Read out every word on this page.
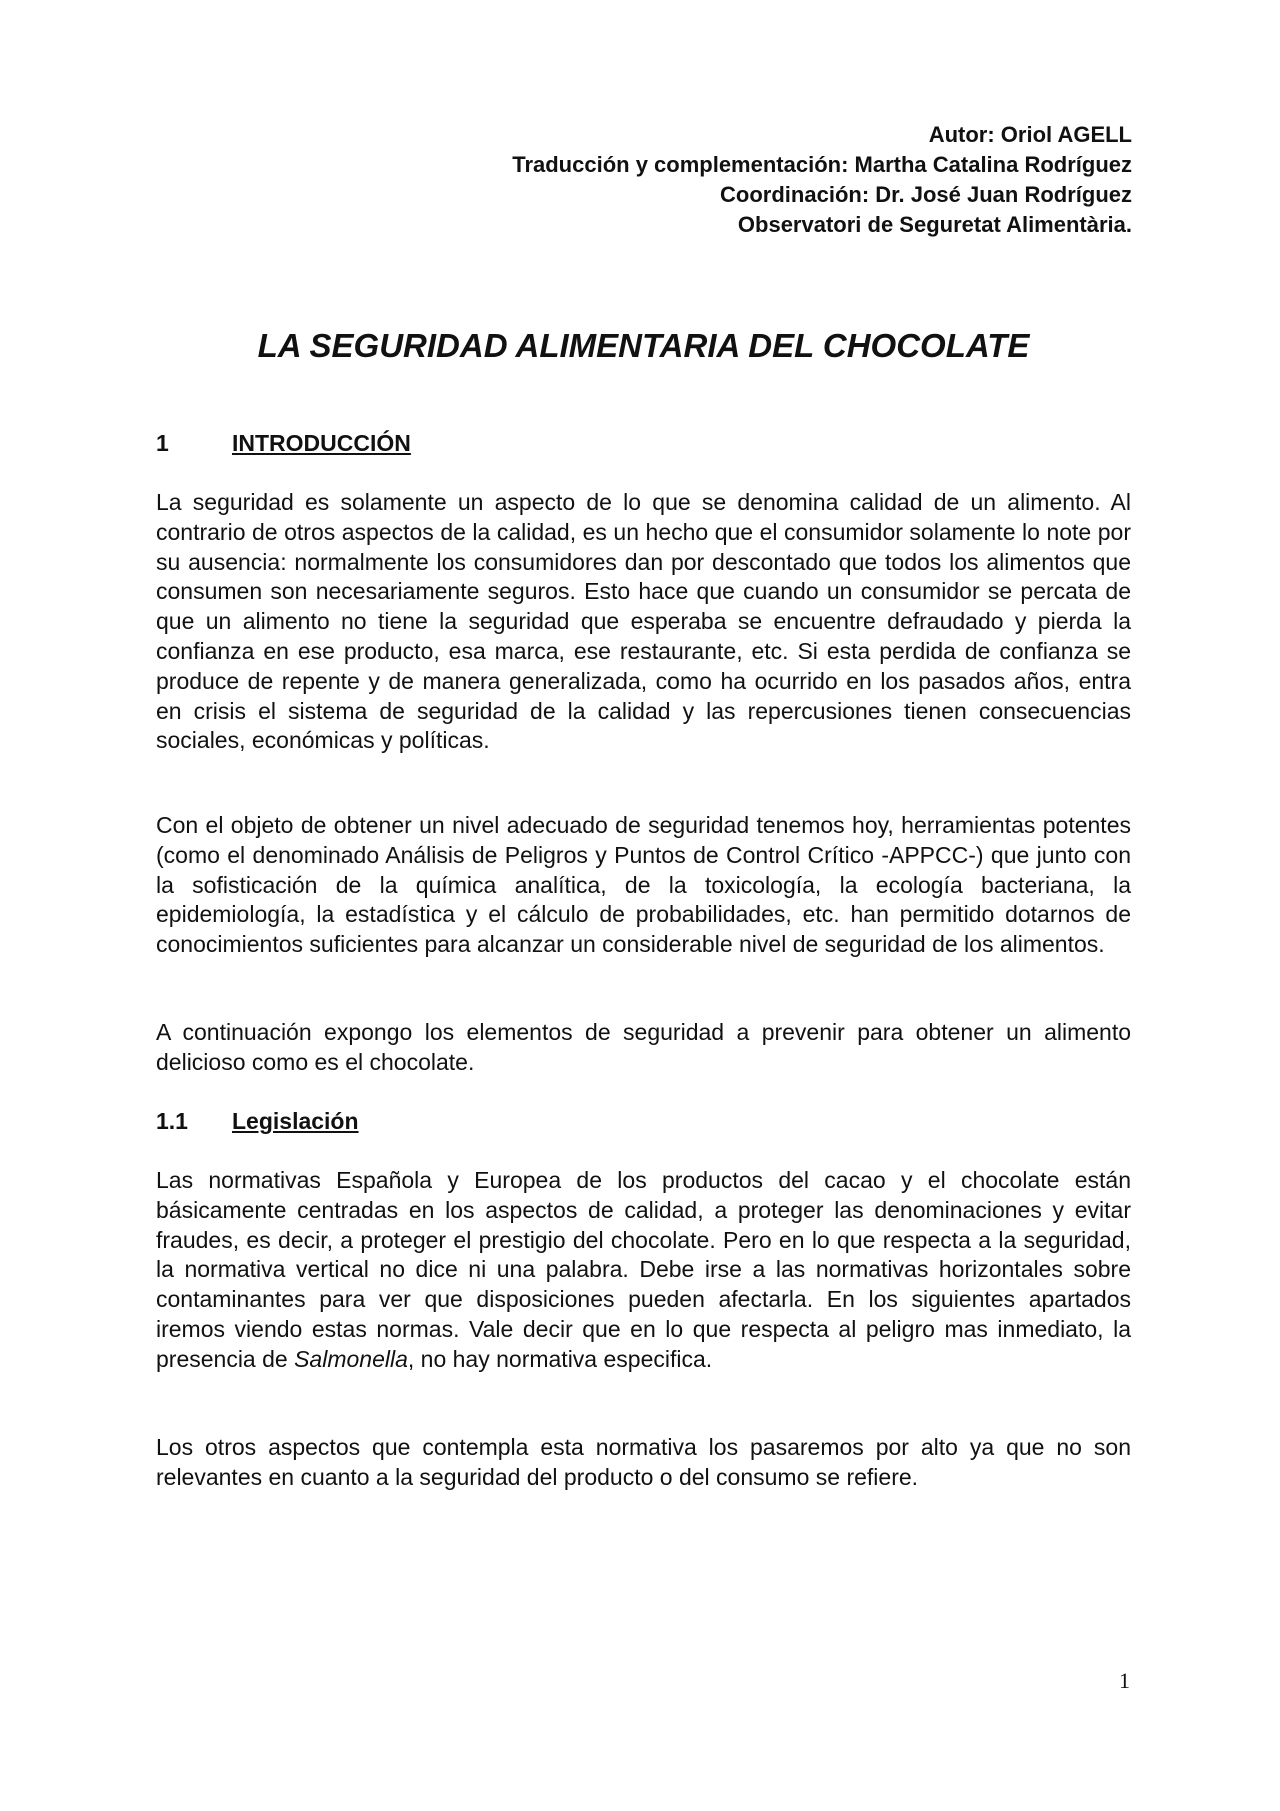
Autor: Oriol AGELL
Traducción y complementación: Martha Catalina Rodríguez
Coordinación: Dr. José Juan Rodríguez
Observatori de Seguretat Alimentària.
LA SEGURIDAD ALIMENTARIA DEL CHOCOLATE
1	INTRODUCCIÓN

La seguridad es solamente un aspecto de lo que se denomina calidad de un alimento. Al contrario de otros aspectos de la calidad, es un hecho que el consumidor solamente lo note por su ausencia: normalmente los consumidores dan por descontado que todos los alimentos que consumen son necesariamente seguros. Esto hace que cuando un consumidor se percata de que un alimento no tiene la seguridad que esperaba se encuentre defraudado y pierda la confianza en ese producto, esa marca, ese restaurante, etc. Si esta perdida de confianza se produce de repente y de manera generalizada, como ha ocurrido en los pasados años, entra en crisis el sistema de seguridad de la calidad y las repercusiones tienen consecuencias sociales, económicas y políticas.

Con el objeto de obtener un nivel adecuado de seguridad tenemos hoy, herramientas potentes (como el denominado Análisis de Peligros y Puntos de Control Crítico -APPCC-) que junto con la sofisticación de la química analítica, de la toxicología, la ecología bacteriana, la epidemiología, la estadística y el cálculo de probabilidades, etc. han permitido dotarnos de conocimientos suficientes para alcanzar un considerable nivel de seguridad de los alimentos.

A continuación expongo los elementos de seguridad a prevenir para obtener un alimento delicioso como es el chocolate.

1.1 Legislación

Las normativas Española y Europea de los productos del cacao y el chocolate están básicamente centradas en los aspectos de calidad, a proteger las denominaciones y evitar fraudes, es decir, a proteger el prestigio del chocolate. Pero en lo que respecta a la seguridad, la normativa vertical no dice ni una palabra. Debe irse a las normativas horizontales sobre contaminantes para ver que disposiciones pueden afectarla. En los siguientes apartados iremos viendo estas normas. Vale decir que en lo que respecta al peligro mas inmediato, la presencia de Salmonella, no hay normativa especifica.

Los otros aspectos que contempla esta normativa los pasaremos por alto ya que no son relevantes en cuanto a la seguridad del producto o del consumo se refiere.

1
